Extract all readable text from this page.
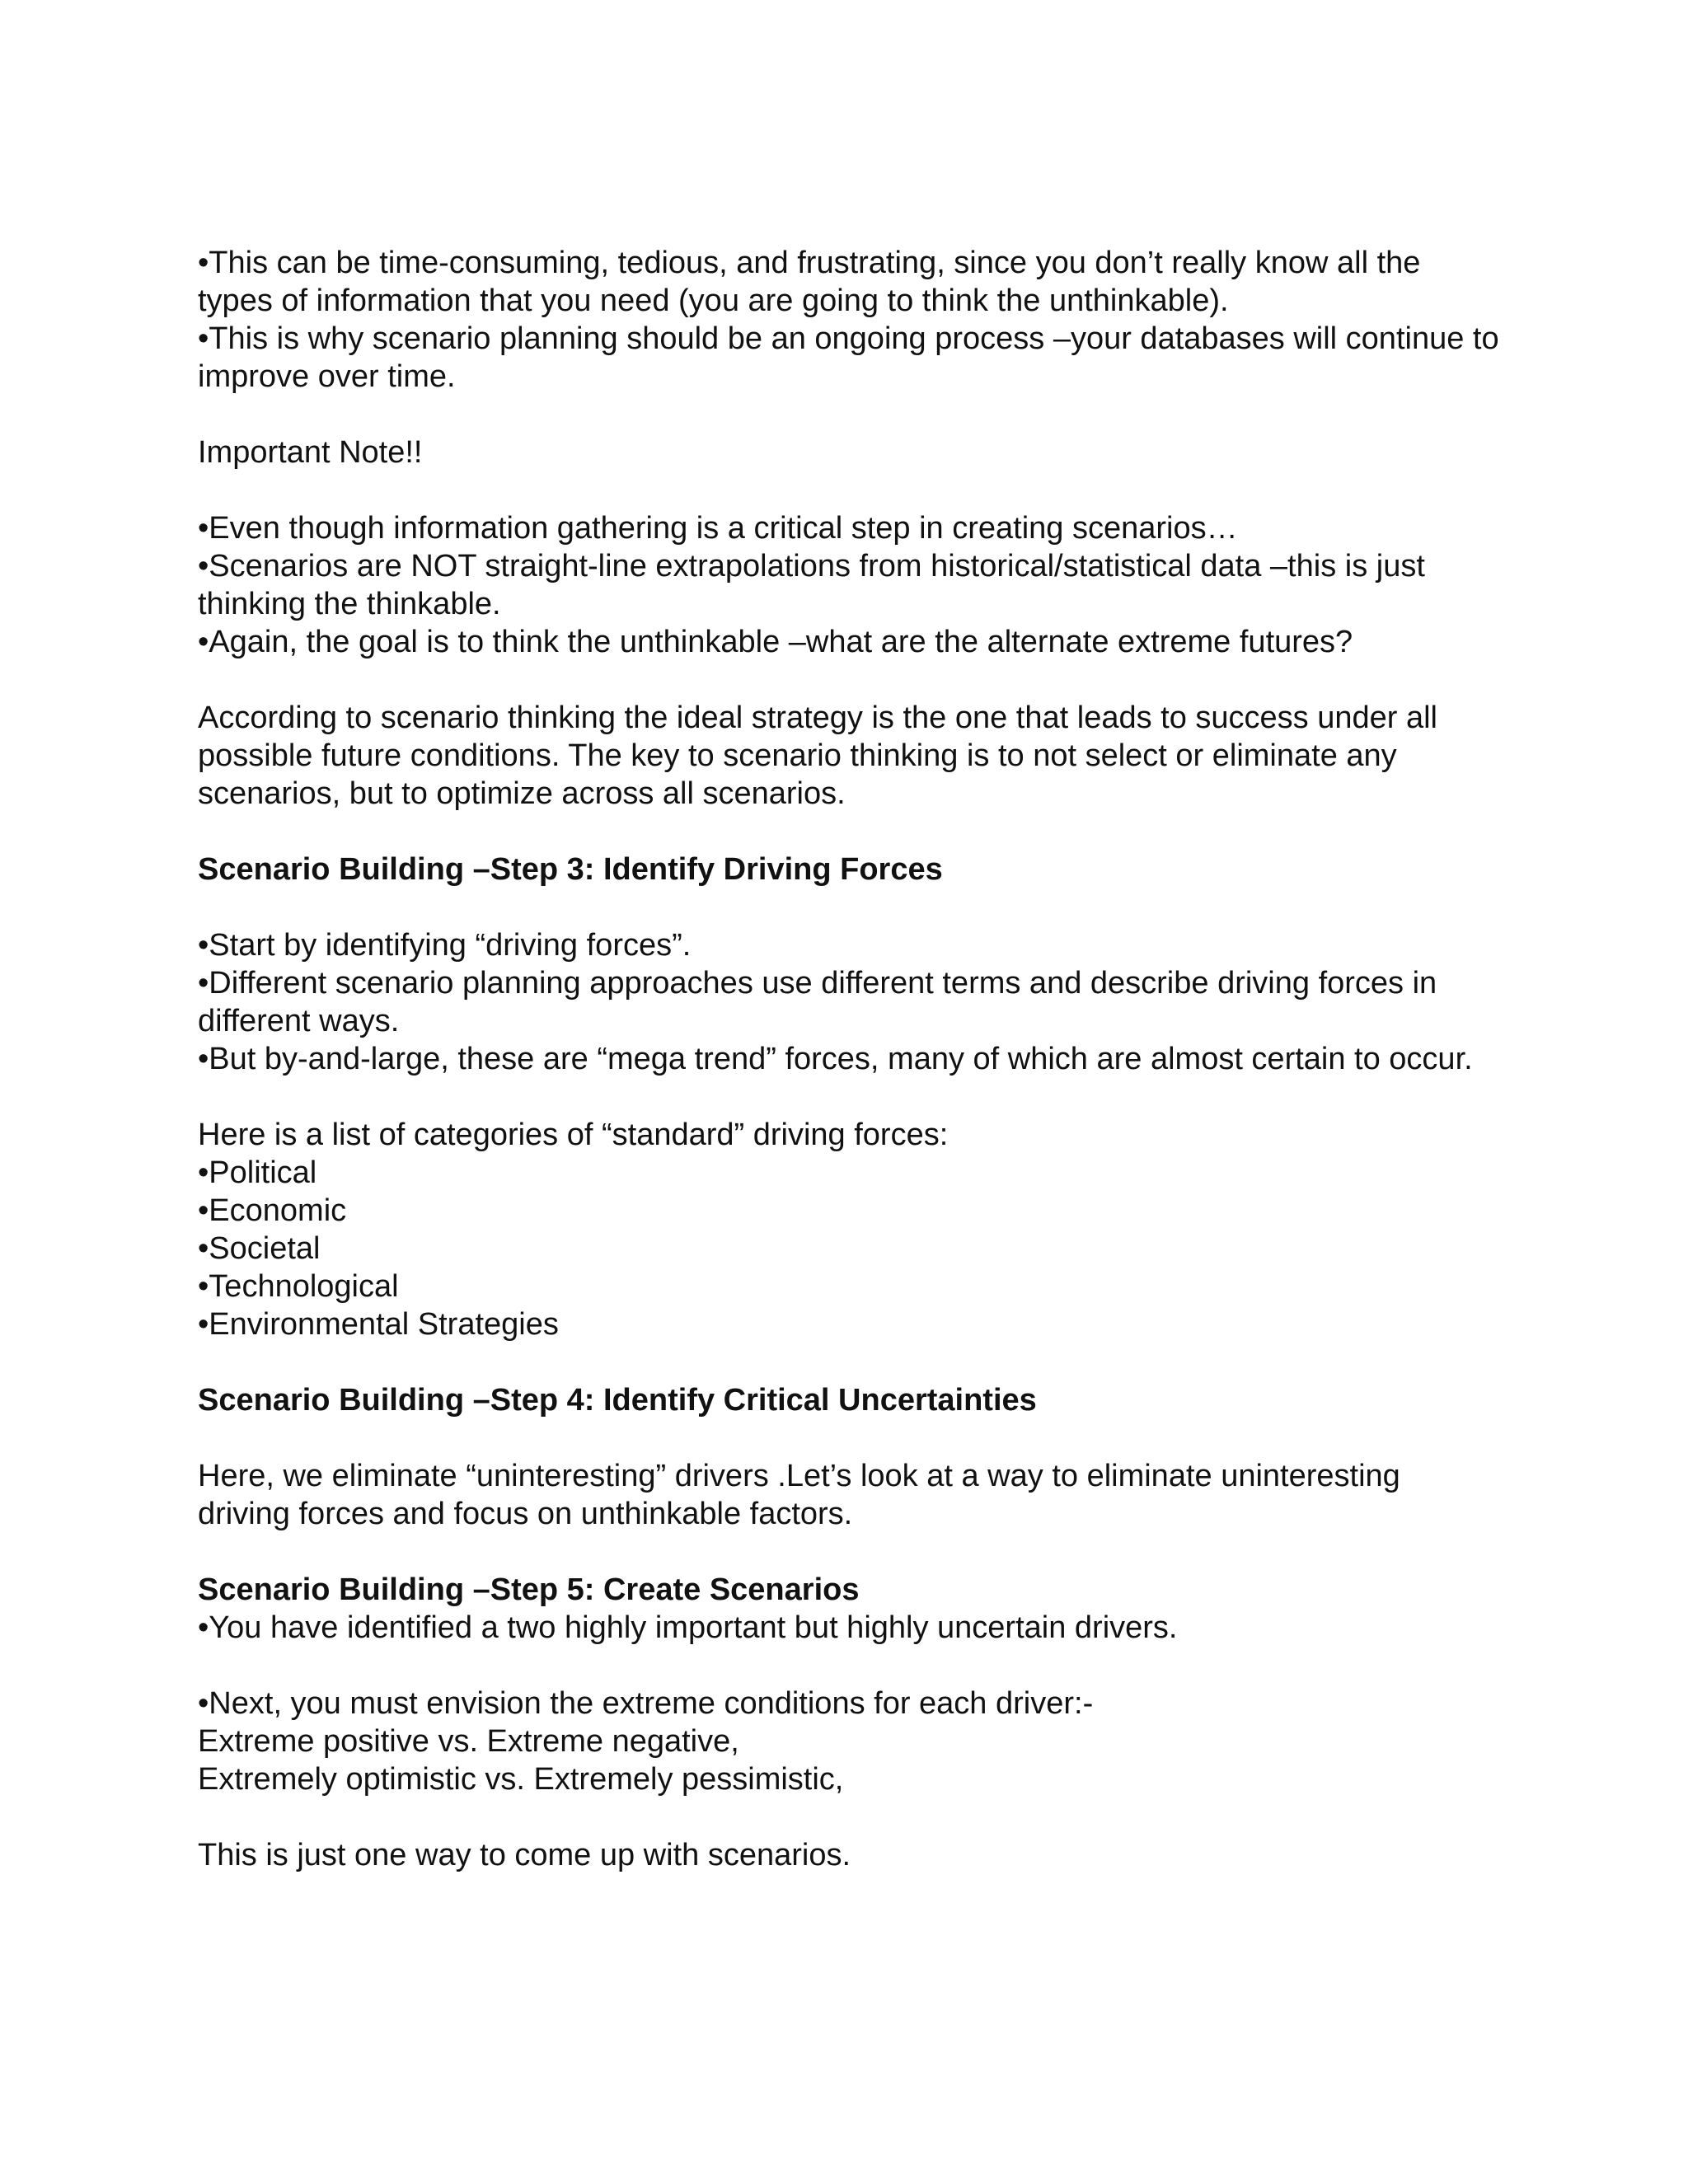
•This can be time-consuming, tedious, and frustrating, since you don’t really know all the types of information that you need (you are going to think the unthinkable).

•This is why scenario planning should be an ongoing process –your databases will continue to improve over time.

Important Note!!

•Even though information gathering is a critical step in creating scenarios…

•Scenarios are NOT straight-line extrapolations from historical/statistical data –this is just thinking the thinkable.

•Again, the goal is to think the unthinkable –what are the alternate extreme futures?

According to scenario thinking the ideal strategy is the one that leads to success under all possible future conditions. The key to scenario thinking is to not select or eliminate any scenarios, but to optimize across all scenarios.

Scenario Building –Step 3: Identify Driving Forces

•Start by identifying “driving forces”.

•Different scenario planning approaches use different terms and describe driving forces in different ways.

•But by-and-large, these are “mega trend” forces, many of which are almost certain to occur.

Here is a list of categories of “standard” driving forces:

•Political

•Economic

•Societal

•Technological

•Environmental Strategies

Scenario Building –Step 4: Identify Critical Uncertainties

Here, we eliminate “uninteresting” drivers .Let’s look at a way to eliminate uninteresting driving forces and focus on unthinkable factors.

Scenario Building –Step 5: Create Scenarios

•You have identified a two highly important but highly uncertain drivers.

•Next, you must envision the extreme conditions for each driver:-

Extreme positive vs. Extreme negative,

Extremely optimistic vs. Extremely pessimistic,

This is just one way to come up with scenarios.
